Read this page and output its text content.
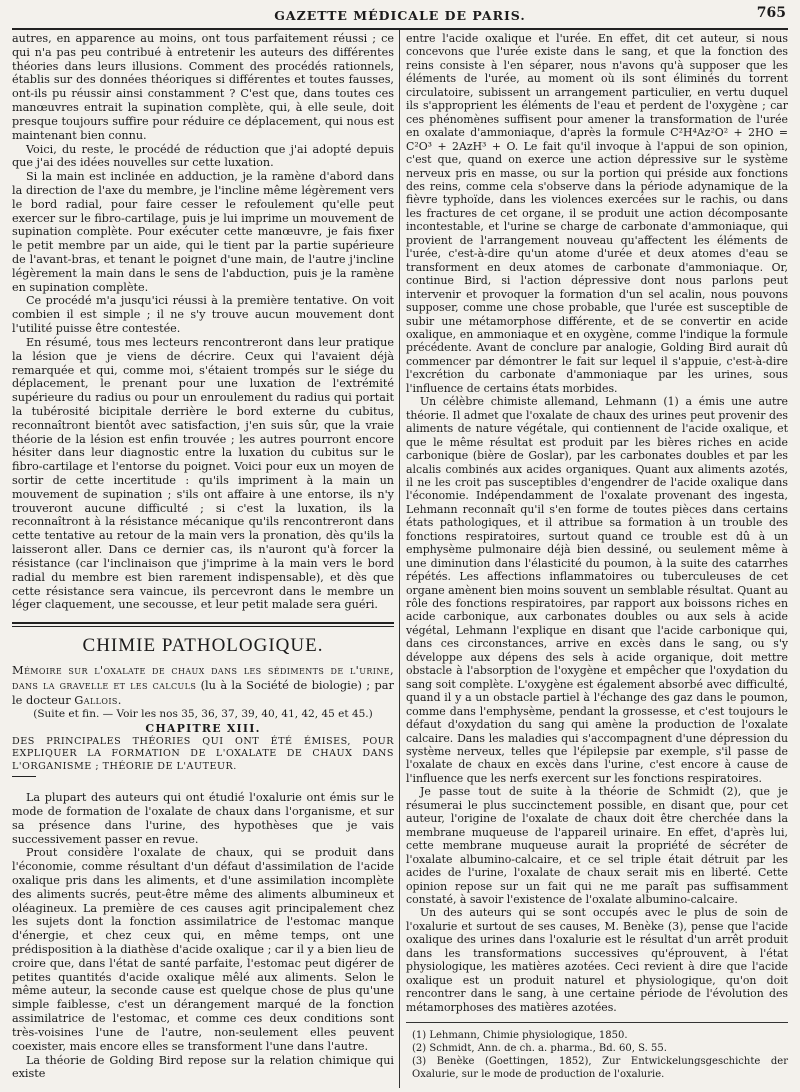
GAZETTE MÉDICALE DE PARIS.	765

autres, en apparence au moins, ont tous parfaitement réussi ; ce qui n'a pas peu contribué à entretenir les auteurs des différentes théories dans leurs illusions. Comment des procédés rationnels, établis sur des données théoriques si différentes et toutes fausses, ont-ils pu réussir ainsi constamment ? C'est que, dans toutes ces manœuvres entrait la supination complète, qui, à elle seule, doit presque toujours suffire pour réduire ce déplacement, qui nous est maintenant bien connu.

Voici, du reste, le procédé de réduction que j'ai adopté depuis que j'ai des idées nouvelles sur cette luxation.

Si la main est inclinée en adduction, je la ramène d'abord dans la direction de l'axe du membre, je l'incline même légèrement vers le bord radial, pour faire cesser le refoulement qu'elle peut exercer sur le fibro-cartilage, puis je lui imprime un mouvement de supination complète. Pour exécuter cette manœuvre, je fais fixer le petit membre par un aide, qui le tient par la partie supérieure de l'avant-bras, et tenant le poignet d'une main, de l'autre j'incline légèrement la main dans le sens de l'abduction, puis je la ramène en supination complète.

Ce procédé m'a jusqu'ici réussi à la première tentative. On voit combien il est simple ; il ne s'y trouve aucun mouvement dont l'utilité puisse être contestée.

En résumé, tous mes lecteurs rencontreront dans leur pratique la lésion que je viens de décrire. Ceux qui l'avaient déjà remarquée et qui, comme moi, s'étaient trompés sur le siége du déplacement, le prenant pour une luxation de l'extrémité supérieure du radius ou pour un enroulement du radius qui portait la tubérosité bicipitale derrière le bord externe du cubitus, reconnaîtront bientôt avec satisfaction, j'en suis sûr, que la vraie théorie de la lésion est enfin trouvée ; les autres pourront encore hésiter dans leur diagnostic entre la luxation du cubitus sur le fibro-cartilage et l'entorse du poignet. Voici pour eux un moyen de sortir de cette incertitude : qu'ils impriment à la main un mouvement de supination ; s'ils ont affaire à une entorse, ils n'y trouveront aucune difficulté ; si c'est la luxation, ils la reconnaîtront à la résistance mécanique qu'ils rencontreront dans cette tentative au retour de la main vers la pronation, dès qu'ils la laisseront aller. Dans ce dernier cas, ils n'auront qu'à forcer la résistance (car l'inclinaison que j'imprime à la main vers le bord radial du membre est bien rarement indispensable), et dès que cette résistance sera vaincue, ils percevront dans le membre un léger claquement, une secousse, et leur petit malade sera guéri.

CHIMIE PATHOLOGIQUE.

Mémoire sur l'oxalate de chaux dans les sédiments de l'urine, dans la gravelle et les calculs (lu à la Société de biologie) ; par le docteur Gallois.

(Suite et fin. — Voir les nos 35, 36, 37, 39, 40, 41, 42, 45 et 45.)

CHAPITRE XIII.

DES PRINCIPALES THÉORIES QUI ONT ÉTÉ ÉMISES, POUR EXPLIQUER LA FORMATION DE L'OXALATE DE CHAUX DANS L'ORGANISME ; THÉORIE DE L'AUTEUR.

La plupart des auteurs qui ont étudié l'oxalurie ont émis sur le mode de formation de l'oxalate de chaux dans l'organisme, et sur sa présence dans l'urine, des hypothèses que je vais successivement passer en revue.

Prout considère l'oxalate de chaux, qui se produit dans l'économie, comme résultant d'un défaut d'assimilation de l'acide oxalique pris dans les aliments, et d'une assimilation incomplète des aliments sucrés, peut-être même des aliments albumineux et oléagineux. La première de ces causes agit principalement chez les sujets dont la fonction assimilatrice de l'estomac manque d'énergie, et chez ceux qui, en même temps, ont une prédisposition à la diathèse d'acide oxalique ; car il y a bien lieu de croire que, dans l'état de santé parfaite, l'estomac peut digérer de petites quantités d'acide oxalique mêlé aux aliments. Selon le même auteur, la seconde cause est quelque chose de plus qu'une simple faiblesse, c'est un dérangement marqué de la fonction assimilatrice de l'estomac, et comme ces deux conditions sont très-voisines l'une de l'autre, non-seulement elles peuvent coexister, mais encore elles se transforment l'une dans l'autre.

La théorie de Golding Bird repose sur la relation chimique qui existe

entre l'acide oxalique et l'urée. En effet, dit cet auteur, si nous concevons que l'urée existe dans le sang, et que la fonction des reins consiste à l'en séparer, nous n'avons qu'à supposer que les éléments de l'urée, au moment où ils sont éliminés du torrent circulatoire, subissent un arrangement particulier, en vertu duquel ils s'approprient les éléments de l'eau et perdent de l'oxygène ; car ces phénomènes suffisent pour amener la transformation de l'urée en oxalate d'ammoniaque, d'après la formule C²H⁴Az²O² + 2HO = C²O³ + 2AzH³ + O. Le fait qu'il invoque à l'appui de son opinion, c'est que, quand on exerce une action dépressive sur le système nerveux pris en masse, ou sur la portion qui préside aux fonctions des reins, comme cela s'observe dans la période adynamique de la fièvre typhoïde, dans les violences exercées sur le rachis, ou dans les fractures de cet organe, il se produit une action décomposante incontestable, et l'urine se charge de carbonate d'ammoniaque, qui provient de l'arrangement nouveau qu'affectent les éléments de l'urée, c'est-à-dire qu'un atome d'urée et deux atomes d'eau se transforment en deux atomes de carbonate d'ammoniaque. Or, continue Bird, si l'action dépressive dont nous parlons peut intervenir et provoquer la formation d'un sel acalin, nous pouvons supposer, comme une chose probable, que l'urée est susceptible de subir une métamorphose différente, et de se convertir en acide oxalique, en ammoniaque et en oxygène, comme l'indique la formule précédente. Avant de conclure par analogie, Golding Bird aurait dû commencer par démontrer le fait sur lequel il s'appuie, c'est-à-dire l'excrétion du carbonate d'ammoniaque par les urines, sous l'influence de certains états morbides.

Un célèbre chimiste allemand, Lehmann (1) a émis une autre théorie. Il admet que l'oxalate de chaux des urines peut provenir des aliments de nature végétale, qui contiennent de l'acide oxalique, et que le même résultat est produit par les bières riches en acide carbonique (bière de Goslar), par les carbonates doubles et par les alcalis combinés aux acides organiques. Quant aux aliments azotés, il ne les croit pas susceptibles d'engendrer de l'acide oxalique dans l'économie. Indépendamment de l'oxalate provenant des ingesta, Lehmann reconnaît qu'il s'en forme de toutes pièces dans certains états pathologiques, et il attribue sa formation à un trouble des fonctions respiratoires, surtout quand ce trouble est dû à un emphysème pulmonaire déjà bien dessiné, ou seulement même à une diminution dans l'élasticité du poumon, à la suite des catarrhes répétés. Les affections inflammatoires ou tuberculeuses de cet organe amènent bien moins souvent un semblable résultat. Quant au rôle des fonctions respiratoires, par rapport aux boissons riches en acide carbonique, aux carbonates doubles ou aux sels à acide végétal, Lehmann l'explique en disant que l'acide carbonique qui, dans ces circonstances, arrive en excès dans le sang, ou s'y développe aux dépens des sels à acide organique, doit mettre obstacle à l'absorption de l'oxygène et empêcher que l'oxydation du sang soit complète. L'oxygène est également absorbé avec difficulté, quand il y a un obstacle partiel à l'échange des gaz dans le poumon, comme dans l'emphysème, pendant la grossesse, et c'est toujours le défaut d'oxydation du sang qui amène la production de l'oxalate calcaire. Dans les maladies qui s'accompagnent d'une dépression du système nerveux, telles que l'épilepsie par exemple, s'il passe de l'oxalate de chaux en excès dans l'urine, c'est encore à cause de l'influence que les nerfs exercent sur les fonctions respiratoires.

Je passe tout de suite à la théorie de Schmidt (2), que je résumerai le plus succinctement possible, en disant que, pour cet auteur, l'origine de l'oxalate de chaux doit être cherchée dans la membrane muqueuse de l'appareil urinaire. En effet, d'après lui, cette membrane muqueuse aurait la propriété de sécréter de l'oxalate albumino-calcaire, et ce sel triple était détruit par les acides de l'urine, l'oxalate de chaux serait mis en liberté. Cette opinion repose sur un fait qui ne me paraît pas suffisamment constaté, à savoir l'existence de l'oxalate albumino-calcaire.

Un des auteurs qui se sont occupés avec le plus de soin de l'oxalurie et surtout de ses causes, M. Benèke (3), pense que l'acide oxalique des urines dans l'oxalurie est le résultat d'un arrêt produit dans les transformations successives qu'éprouvent, à l'état physiologique, les matières azotées. Ceci revient à dire que l'acide oxalique est un produit naturel et physiologique, qu'on doit rencontrer dans le sang, à une certaine période de l'évolution des métamorphoses des matières azotées.

(1) Lehmann, Chimie physiologique, 1850.

(2) Schmidt, Ann. de ch. a. pharma., Bd. 60, S. 55.

(3) Benèke (Goettingen, 1852), Zur Entwickelungsgeschichte der Oxalurie, sur le mode de production de l'oxalurie.
